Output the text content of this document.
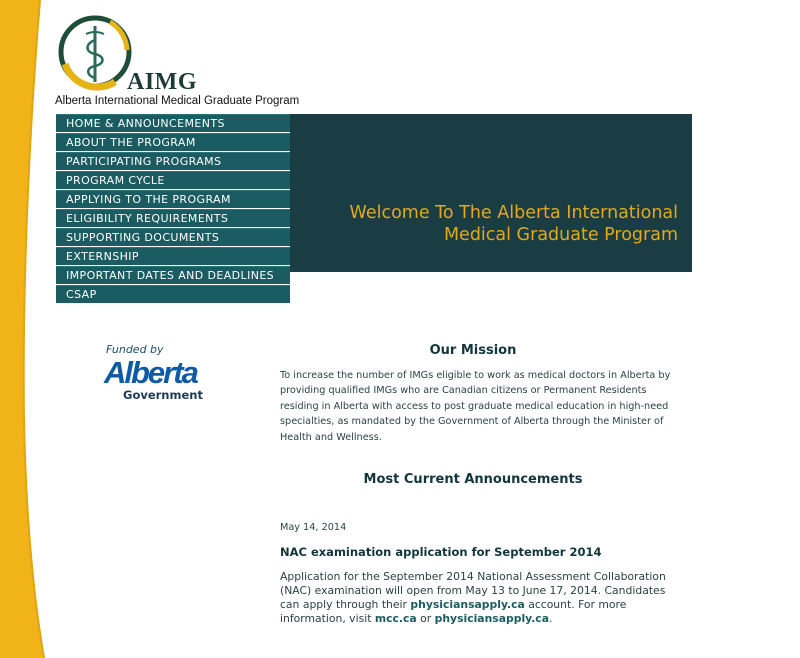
AIMG
Alberta International Medical Graduate Program
HOME & ANNOUNCEMENTS
ABOUT THE PROGRAM
PARTICIPATING PROGRAMS
PROGRAM CYCLE
APPLYING TO THE PROGRAM
ELIGIBILITY REQUIREMENTS
SUPPORTING DOCUMENTS
EXTERNSHIP
IMPORTANT DATES AND DEADLINES
CSAP
Welcome To The Alberta International
Medical Graduate Program
Funded by
Alberta
Government
Our Mission
To increase the number of IMGs eligible to work as medical doctors in Alberta by providing qualified IMGs who are Canadian citizens or Permanent Residents residing in Alberta with access to post graduate medical education in high-need specialties, as mandated by the Government of Alberta through the Minister of Health and Wellness.
Most Current Announcements
May 14, 2014
NAC examination application for September 2014
Application for the September 2014 National Assessment Collaboration (NAC) examination will open from May 13 to June 17, 2014. Candidates can apply through their physiciansapply.ca account. For more information, visit mcc.ca or physiciansapply.ca.
